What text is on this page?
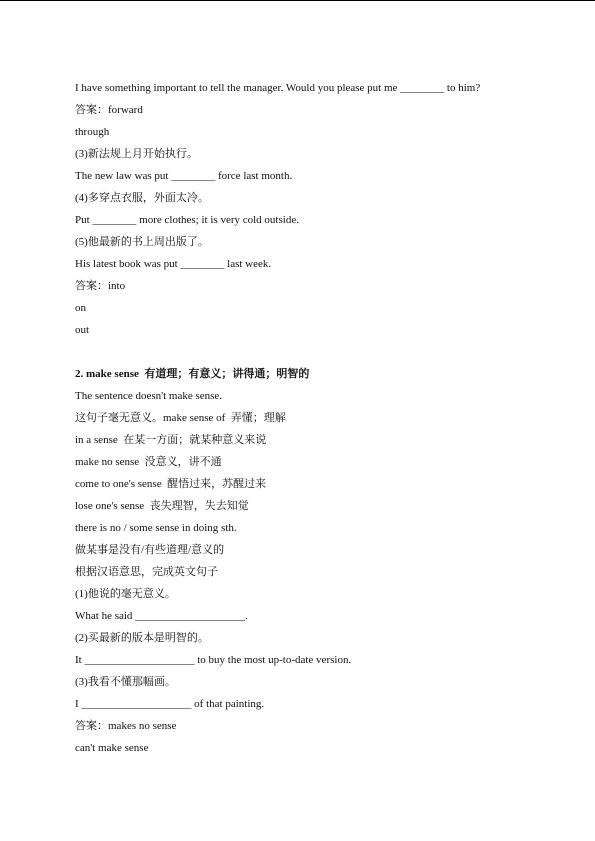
I have something important to tell the manager. Would you please put me ________ to him?
答案：forward
through
(3)新法规上月开始执行。
The new law was put ________ force last month.
(4)多穿点衣服，外面太冷。
Put ________ more clothes; it is very cold outside.
(5)他最新的书上周出版了。
His latest book was put ________ last week.
答案：into
on
out
2. make sense  有道理；有意义；讲得通；明智的
The sentence doesn't make sense.
这句子毫无意义。make sense of  弄懂；理解
in a sense  在某一方面；就某种意义来说
make no sense  没意义，讲不通
come to one's sense  醒悟过来，苏醒过来
lose one's sense  丧失理智，失去知觉
there is no / some sense in doing sth.
做某事是没有/有些道理/意义的
根据汉语意思，完成英文句子
(1)他说的毫无意义。
What he said ____________________.
(2)买最新的版本是明智的。
It ____________________ to buy the most up-to-date version.
(3)我看不懂那幅画。
I ____________________ of that painting.
答案：makes no sense
can't make sense
